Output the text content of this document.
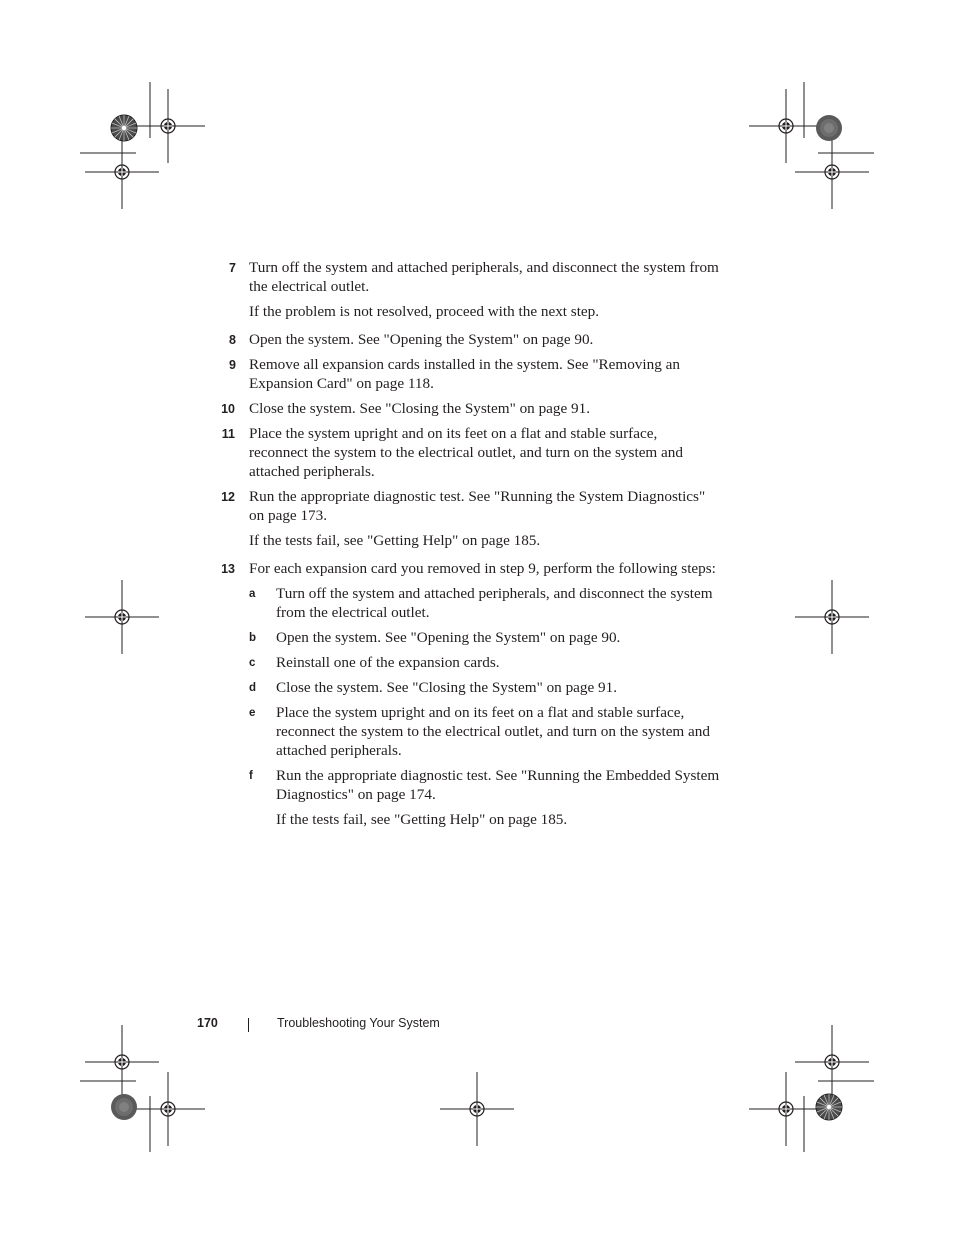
7 Turn off the system and attached peripherals, and disconnect the system from the electrical outlet.
If the problem is not resolved, proceed with the next step.
8 Open the system. See "Opening the System" on page 90.
9 Remove all expansion cards installed in the system. See "Removing an Expansion Card" on page 118.
10 Close the system. See "Closing the System" on page 91.
11 Place the system upright and on its feet on a flat and stable surface, reconnect the system to the electrical outlet, and turn on the system and attached peripherals.
12 Run the appropriate diagnostic test. See "Running the System Diagnostics" on page 173.
If the tests fail, see "Getting Help" on page 185.
13 For each expansion card you removed in step 9, perform the following steps:
a Turn off the system and attached peripherals, and disconnect the system from the electrical outlet.
b Open the system. See "Opening the System" on page 90.
c Reinstall one of the expansion cards.
d Close the system. See "Closing the System" on page 91.
e Place the system upright and on its feet on a flat and stable surface, reconnect the system to the electrical outlet, and turn on the system and attached peripherals.
f Run the appropriate diagnostic test. See "Running the Embedded System Diagnostics" on page 174.
If the tests fail, see "Getting Help" on page 185.
170	Troubleshooting Your System
